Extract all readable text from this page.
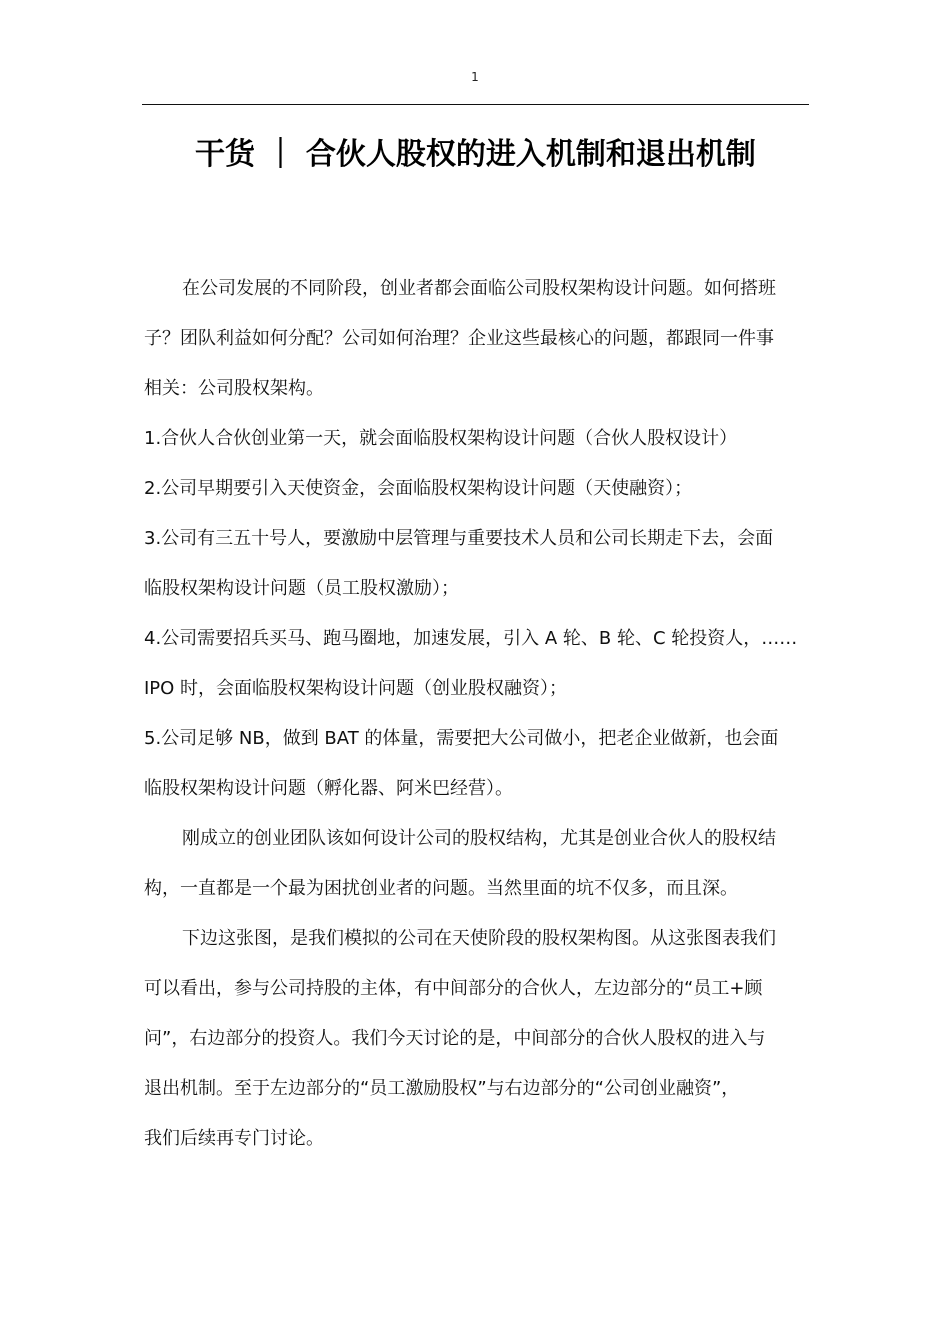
1
干货 ｜ 合伙人股权的进入机制和退出机制
在公司发展的不同阶段，创业者都会面临公司股权架构设计问题。如何搭班
子？团队利益如何分配？公司如何治理？企业这些最核心的问题，都跟同一件事
相关：公司股权架构。
1.合伙人合伙创业第一天，就会面临股权架构设计问题（合伙人股权设计）
2.公司早期要引入天使资金，会面临股权架构设计问题（天使融资）；
3.公司有三五十号人，要激励中层管理与重要技术人员和公司长期走下去，会面
临股权架构设计问题（员工股权激励）；
4.公司需要招兵买马、跑马圈地，加速发展，引入 A 轮、B 轮、C 轮投资人，……
IPO 时，会面临股权架构设计问题（创业股权融资）；
5.公司足够 NB，做到 BAT 的体量，需要把大公司做小，把老企业做新，也会面
临股权架构设计问题（孵化器、阿米巴经营）。
刚成立的创业团队该如何设计公司的股权结构，尤其是创业合伙人的股权结
构，一直都是一个最为困扰创业者的问题。当然里面的坑不仅多，而且深。
下边这张图，是我们模拟的公司在天使阶段的股权架构图。从这张图表我们
可以看出，参与公司持股的主体，有中间部分的合伙人，左边部分的“员工+顾
问”，右边部分的投资人。我们今天讨论的是，中间部分的合伙人股权的进入与
退出机制。至于左边部分的“员工激励股权”与右边部分的“公司创业融资”，
我们后续再专门讨论。
